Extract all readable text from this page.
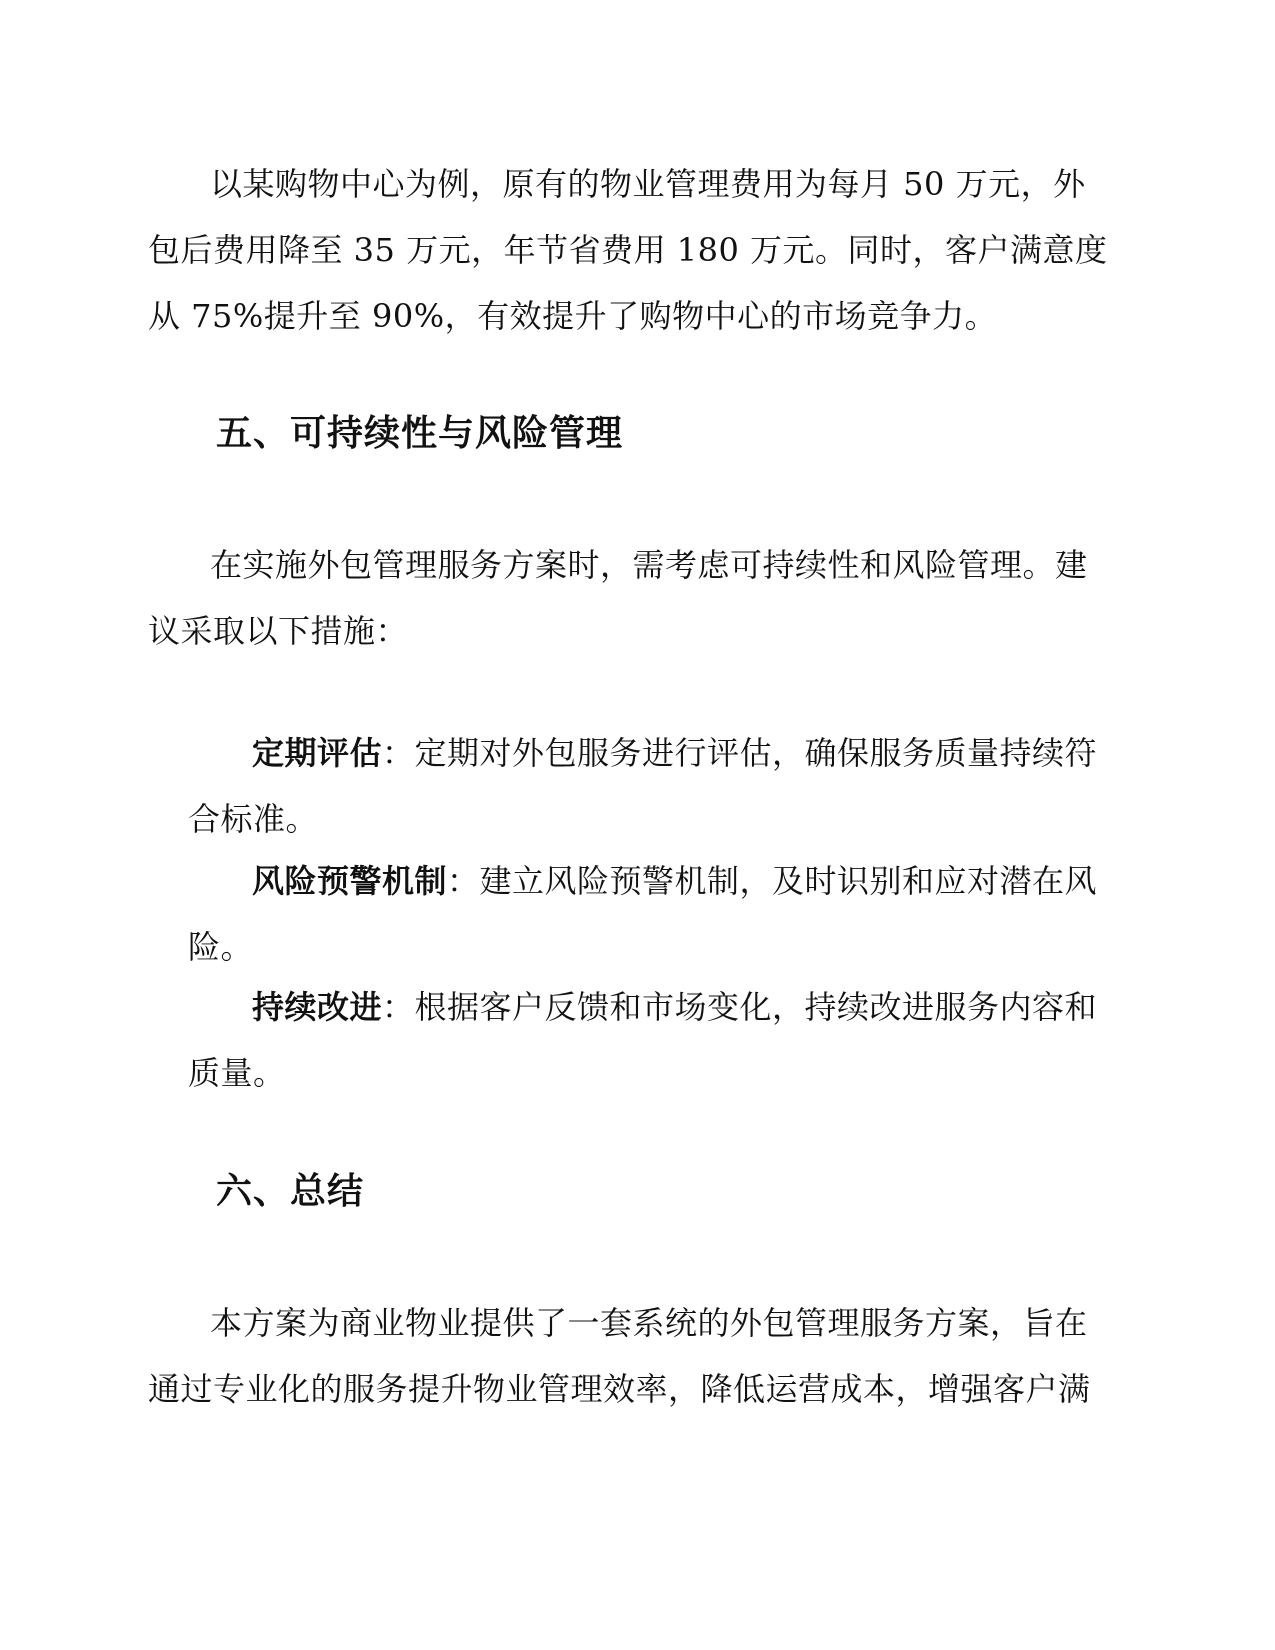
以某购物中心为例，原有的物业管理费用为每月 50 万元，外
包后费用降至 35 万元，年节省费用 180 万元。同时，客户满意度
从 75%提升至 90%，有效提升了购物中心的市场竞争力。
五、可持续性与风险管理
在实施外包管理服务方案时，需考虑可持续性和风险管理。建
议采取以下措施：
定期评估：定期对外包服务进行评估，确保服务质量持续符
合标准。
风险预警机制：建立风险预警机制，及时识别和应对潜在风
险。
持续改进：根据客户反馈和市场变化，持续改进服务内容和
质量。
六、总结
本方案为商业物业提供了一套系统的外包管理服务方案，旨在
通过专业化的服务提升物业管理效率，降低运营成本，增强客户满
